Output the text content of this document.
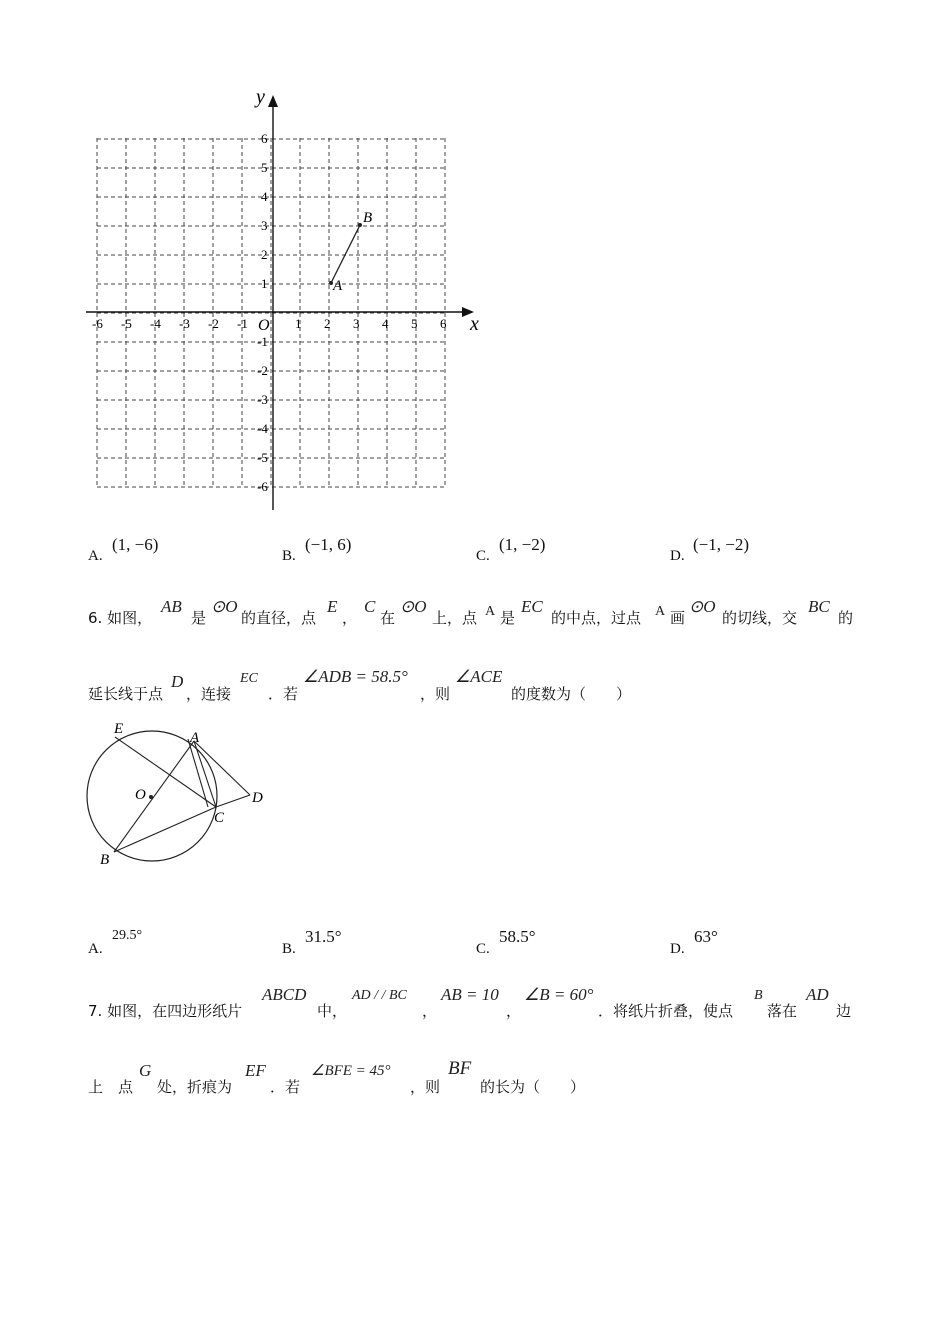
-6 -5 -4 -3 -2 -1	1 2 3 4 5 6
6
5
4
3
2
1
-1
-2
-3
-4
-5
-6
x
y
O
A
B
A.
(1, −6)
B.
(−1, 6)
C.
(1, −2)
D.
(−1, −2)
6. 如图，
AB
是
⊙O
的直径，点
E
，
C
在
⊙O
上，点 A 是
EC
的中点，过点 A 画
⊙O
的切线，交
BC
的
延长线于点
D
，连接
EC
．若
∠ADB = 58.5°
，则
∠ACE
的度数为（　　）
E
A
O
C
D
B
A.
29.5°
B.
31.5°
C.
58.5°
D.
63°
7. 如图，在四边形纸片
ABCD
中，
AD / / BC
，
AB = 10
，
∠B = 60°
．将纸片折叠，使点
B
落在
AD
边
上　点
G
处，折痕为
EF
．若
∠BFE = 45°
，则
BF
的长为（　　）
